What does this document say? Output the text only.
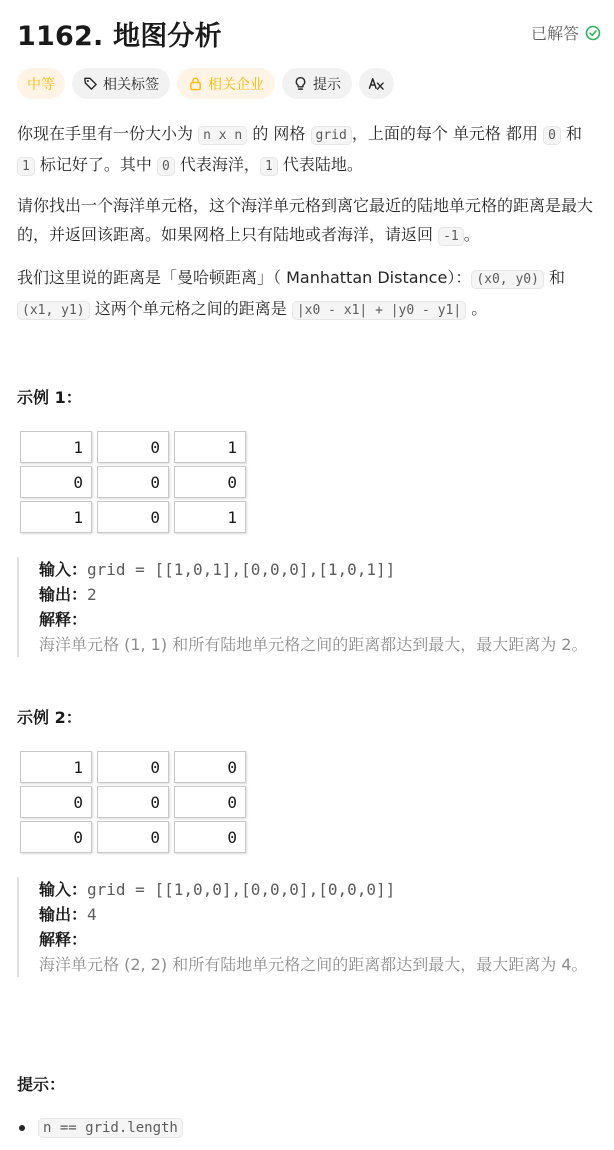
1162. 地图分析	已解答
中等	相关标签	相关企业	提示
你现在手里有一份大小为 n x n 的 网格 grid ，上面的每个 单元格 都用 0 和 1 标记好了。其中 0 代表海洋， 1 代表陆地。
请你找出一个海洋单元格，这个海洋单元格到离它最近的陆地单元格的距离是最大的，并返回该距离。如果网格上只有陆地或者海洋，请返回 -1 。
我们这里说的距离是「曼哈顿距离」（ Manhattan Distance）： (x0, y0) 和 (x1, y1) 这两个单元格之间的距离是 |x0 - x1| + |y0 - y1| 。
示例 1：
1	0	1
0	0	0
1	0	1
输入：grid = [[1,0,1],[0,0,0],[1,0,1]]
输出：2
解释：
海洋单元格 (1, 1) 和所有陆地单元格之间的距离都达到最大，最大距离为 2。
示例 2：
1	0	0
0	0	0
0	0	0
输入：grid = [[1,0,0],[0,0,0],[0,0,0]]
输出：4
解释：
海洋单元格 (2, 2) 和所有陆地单元格之间的距离都达到最大，最大距离为 4。
提示：
n == grid.length
